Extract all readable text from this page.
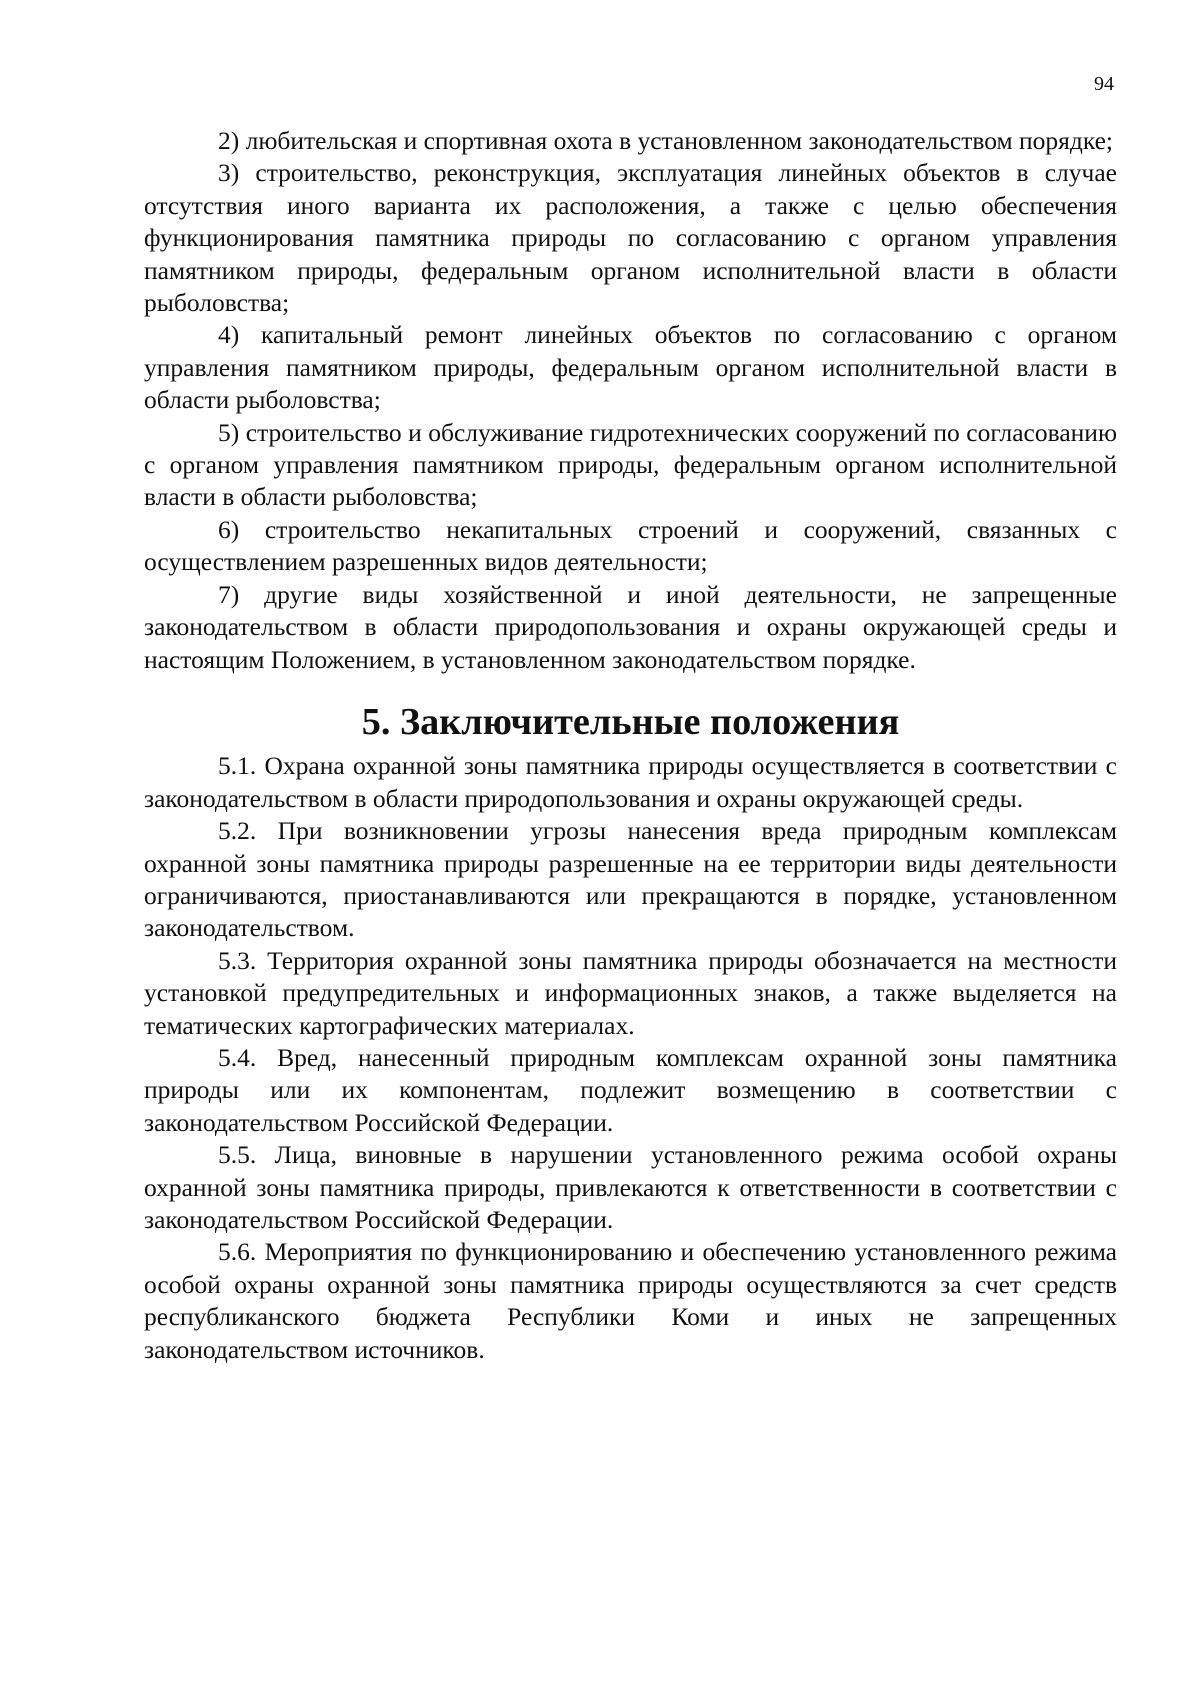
94

2) любительская и спортивная охота в установленном законодательством порядке;

3) строительство, реконструкция, эксплуатация линейных объектов в случае отсутствия иного варианта их расположения, а также с целью обеспечения функционирования памятника природы по согласованию с органом управления памятником природы, федеральным органом исполнительной власти в области рыболовства;

4) капитальный ремонт линейных объектов по согласованию с органом управления памятником природы, федеральным органом исполнительной власти в области рыболовства;

5) строительство и обслуживание гидротехнических сооружений по согласованию с органом управления памятником природы, федеральным органом исполнительной власти в области рыболовства;

6) строительство некапитальных строений и сооружений, связанных с осуществлением разрешенных видов деятельности;

7) другие виды хозяйственной и иной деятельности, не запрещенные законодательством в области природопользования и охраны окружающей среды и настоящим Положением, в установленном законодательством порядке.

5. Заключительные положения

5.1. Охрана охранной зоны памятника природы осуществляется в соответствии с законодательством в области природопользования и охраны окружающей среды.

5.2. При возникновении угрозы нанесения вреда природным комплексам охранной зоны памятника природы разрешенные на ее территории виды деятельности ограничиваются, приостанавливаются или прекращаются в порядке, установленном законодательством.

5.3. Территория охранной зоны памятника природы обозначается на местности установкой предупредительных и информационных знаков, а также выделяется на тематических картографических материалах.

5.4. Вред, нанесенный природным комплексам охранной зоны памятника природы или их компонентам, подлежит возмещению в соответствии с законодательством Российской Федерации.

5.5. Лица, виновные в нарушении установленного режима особой охраны охранной зоны памятника природы, привлекаются к ответственности в соответствии с законодательством Российской Федерации.

5.6. Мероприятия по функционированию и обеспечению установленного режима особой охраны охранной зоны памятника природы осуществляются за счет средств республиканского бюджета Республики Коми и иных не запрещенных законодательством источников.
